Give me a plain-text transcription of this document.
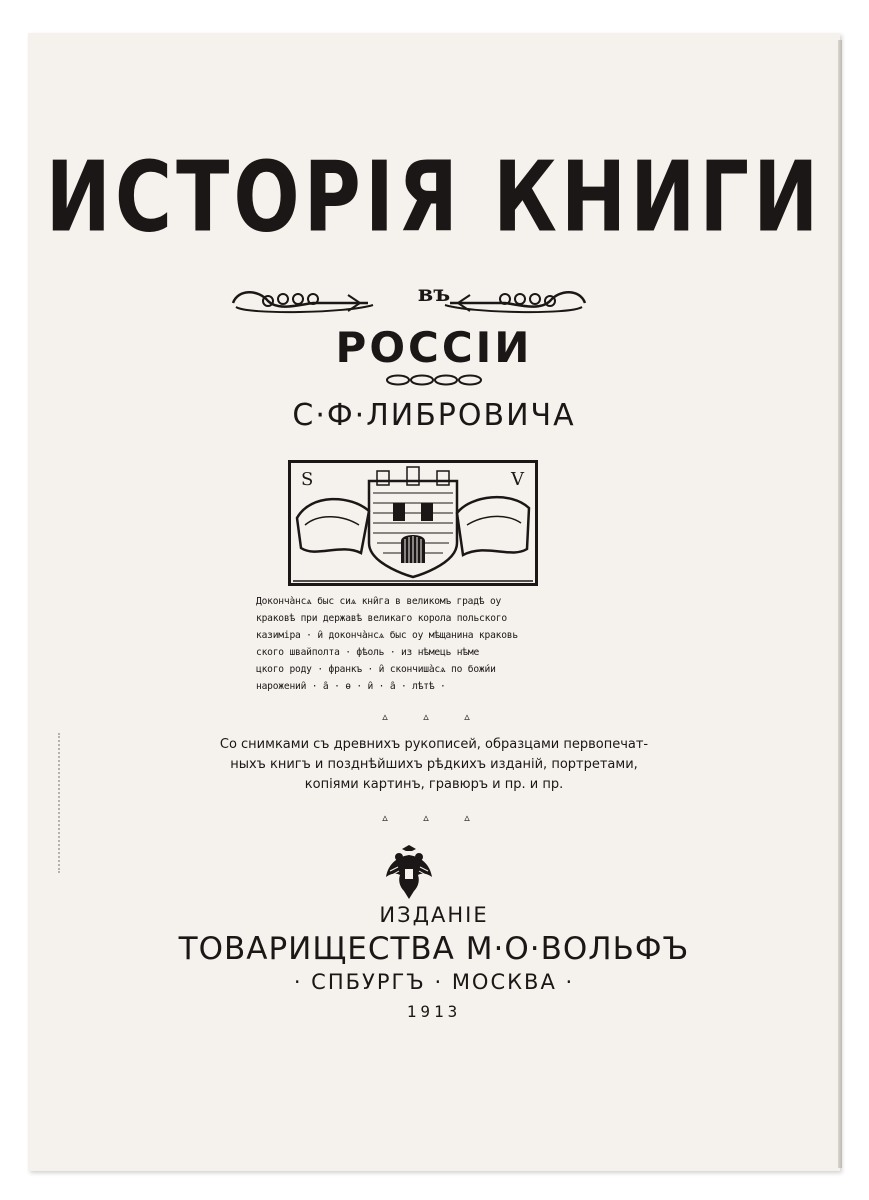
ИСТОРІЯ КНИГИ
въ
РОССІИ
С·Ф·ЛИБРОВИЧА
S	V
Доконча̀нсѧ быс сиѧ кни̑га в великомъ градѣ оу
краковѣ при державѣ великаго корола польского
казиміра · и̑ доконча̀нсѧ быс оу мѣщанина краковь
ского швайполта · фѣоль · из нѣмець нѣме
цкого роду · франкъ · и̑ скончиша̀сѧ по божи́и
нарожении̑ · а̑ · ѳ · и̑ · а̑ · лѣтѣ ·
▵ ▵ ▵
Со снимками съ древнихъ рукописей, образцами первопечат-
ныхъ книгъ и позднѣйшихъ рѣдкихъ изданій, портретами,
копіями картинъ, гравюръ и пр. и пр.
▵ ▵ ▵
ИЗДАНІЕ
ТОВАРИЩЕСТВА М·О·ВОЛЬФЪ
· СПБУРГЪ · МОСКВА ·
1913
